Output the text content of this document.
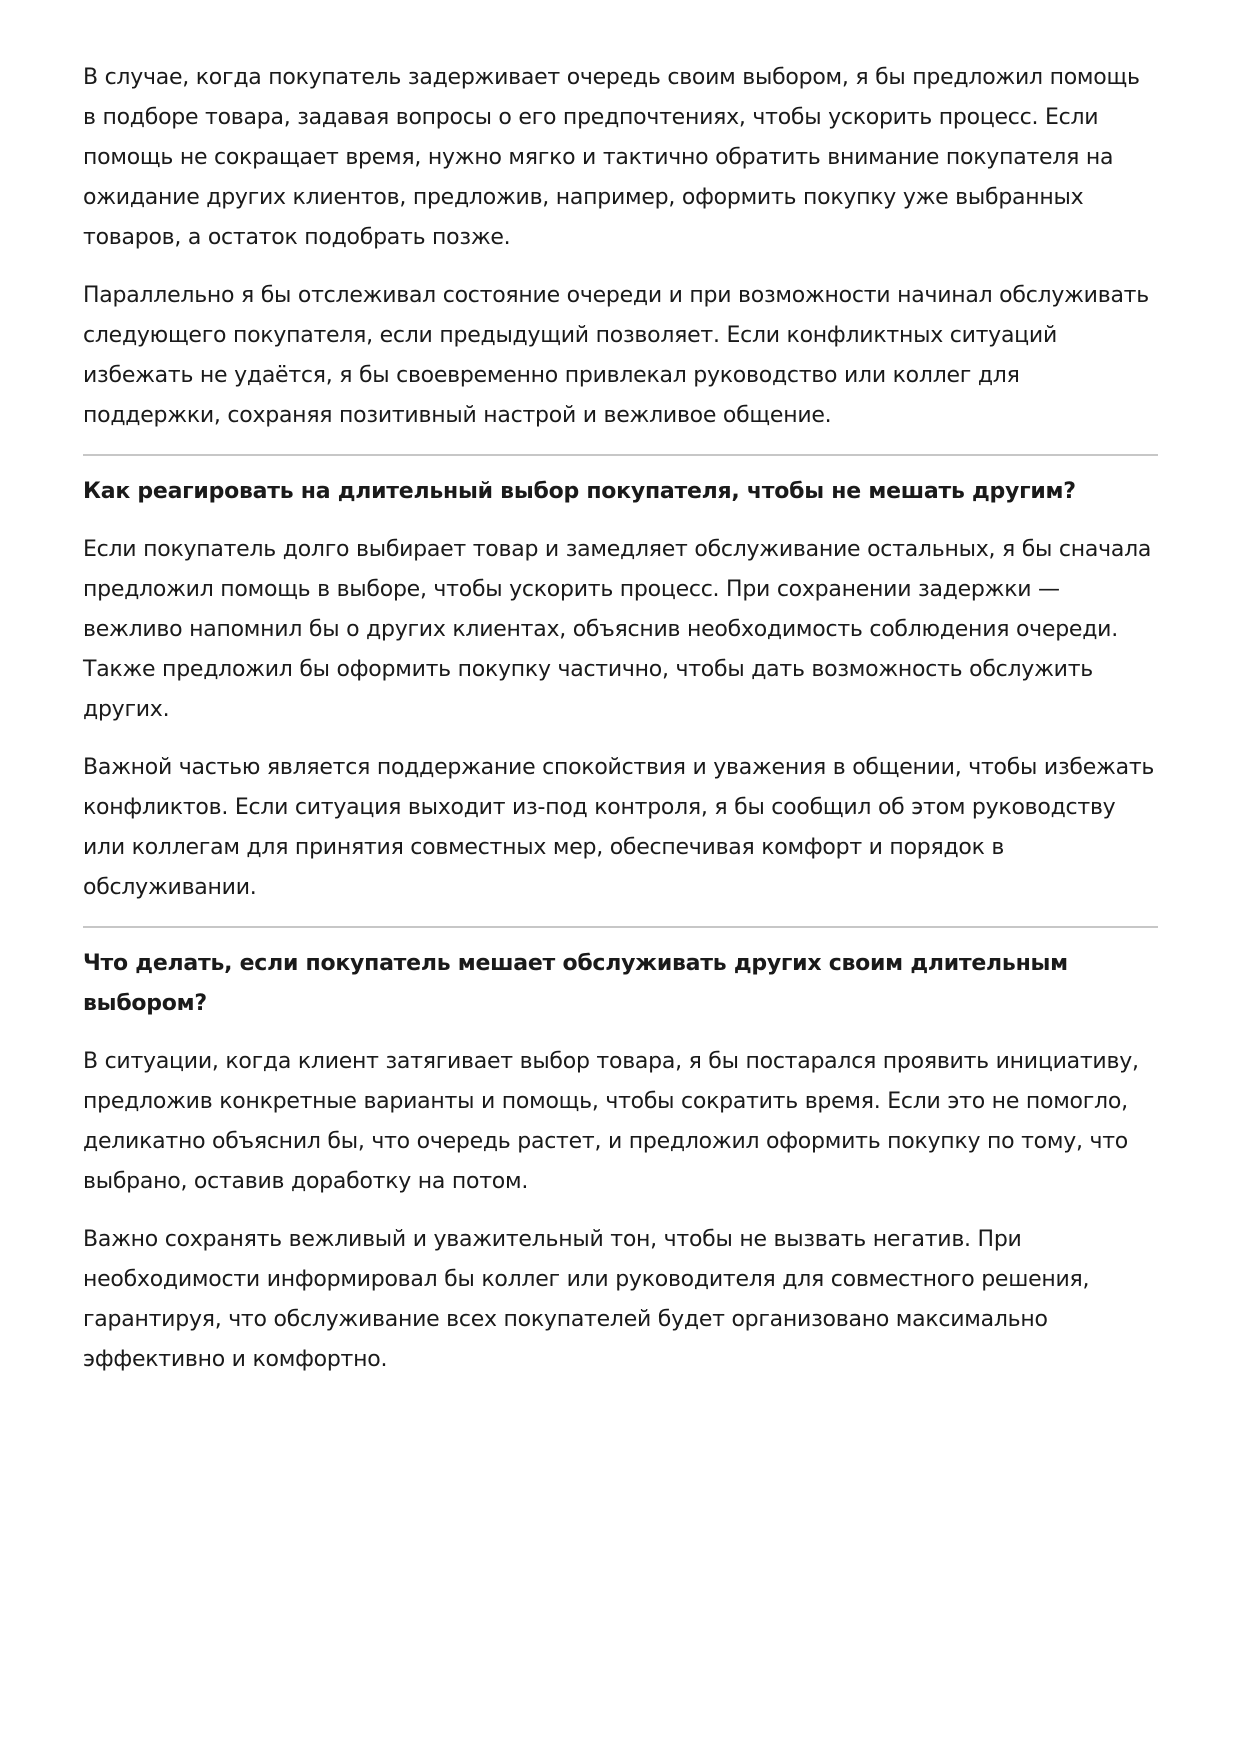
В случае, когда покупатель задерживает очередь своим выбором, я бы предложил помощь в подборе товара, задавая вопросы о его предпочтениях, чтобы ускорить процесс. Если помощь не сокращает время, нужно мягко и тактично обратить внимание покупателя на ожидание других клиентов, предложив, например, оформить покупку уже выбранных товаров, а остаток подобрать позже.

Параллельно я бы отслеживал состояние очереди и при возможности начинал обслуживать следующего покупателя, если предыдущий позволяет. Если конфликтных ситуаций избежать не удаётся, я бы своевременно привлекал руководство или коллег для поддержки, сохраняя позитивный настрой и вежливое общение.

Как реагировать на длительный выбор покупателя, чтобы не мешать другим?

Если покупатель долго выбирает товар и замедляет обслуживание остальных, я бы сначала предложил помощь в выборе, чтобы ускорить процесс. При сохранении задержки — вежливо напомнил бы о других клиентах, объяснив необходимость соблюдения очереди. Также предложил бы оформить покупку частично, чтобы дать возможность обслужить других.

Важной частью является поддержание спокойствия и уважения в общении, чтобы избежать конфликтов. Если ситуация выходит из-под контроля, я бы сообщил об этом руководству или коллегам для принятия совместных мер, обеспечивая комфорт и порядок в обслуживании.

Что делать, если покупатель мешает обслуживать других своим длительным выбором?

В ситуации, когда клиент затягивает выбор товара, я бы постарался проявить инициативу, предложив конкретные варианты и помощь, чтобы сократить время. Если это не помогло, деликатно объяснил бы, что очередь растет, и предложил оформить покупку по тому, что выбрано, оставив доработку на потом.

Важно сохранять вежливый и уважительный тон, чтобы не вызвать негатив. При необходимости информировал бы коллег или руководителя для совместного решения, гарантируя, что обслуживание всех покупателей будет организовано максимально эффективно и комфортно.
